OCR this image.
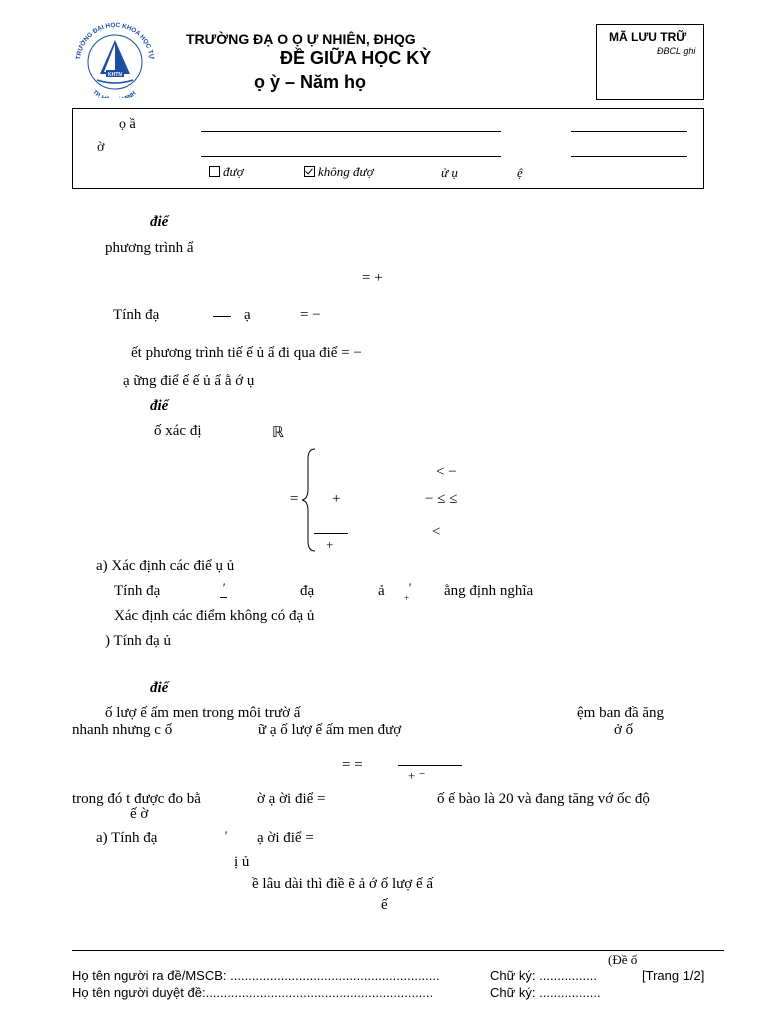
TRƯỜNG ĐẠI HỌC KHOA HỌC TỰ
TP. NH
KHTN
TRƯỜNG ĐẠ O Ọ Ự NHIÊN, ĐHQG
ĐỀ GIỮA HỌC KỲ
ọ ỳ – Năm họ
MÃ LƯU TRỮ
ĐBCL ghi
ọ ầ
ờ
đượ	không đượ	ử ụ	ệ
điể
phương trình ẩ
= +
Tính đạ	ạ	= −
ết phương trình tiế ế ủ ẩ đi qua điể = −
ạ ững điể ế ế ủ ẩ ằ ớ ụ
điể
ố xác đị	ℝ
=
< −
+	− ≤ ≤
+
<
a) Xác định các điể ụ ủ
Tính đạ	′	đạ	ả ′
+ ằng định nghĩa
Xác định các điểm không có đạ ủ
) Tính đạ ủ
điể
ố lượ ế ấm men trong môi trườ ấ	ệm ban đầ ăng
nhanh nhưng c ố	ữ ạ ố lượ ế ấm men đượ	ở ố
= =
+ ⁻
trong đó t được đo bằ	ờ ạ ời điể =	ố ế bào là 20 và đang tăng vớ ốc độ
ế ờ
a) Tính đạ	′ ạ ời điể =
ị ủ
ề lâu dài thì điề ẽ ả ớ ố lượ ế ấ
ế
(Đề ố
Họ tên người ra đề/MSCB: ..........................................................	Chữ ký: ................	[Trang 1/2]
Họ tên người duyệt đề:...............................................................	Chữ ký: .................
